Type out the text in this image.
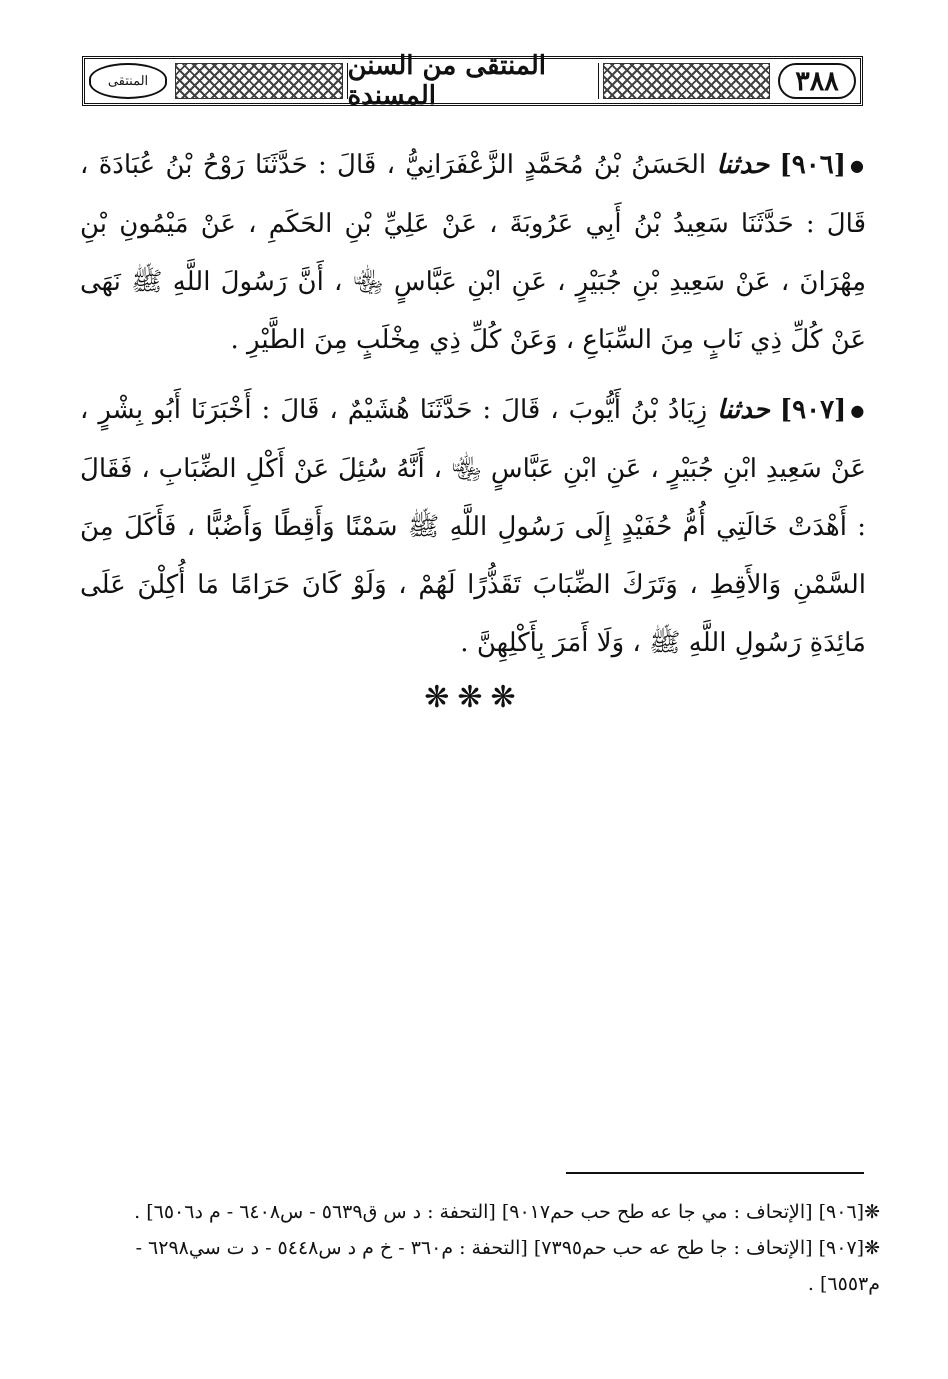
المنتقى	المنتقى من السنن المسندة	٣٨٨

●[٩٠٦] حدثنا الحَسَنُ بْنُ مُحَمَّدٍ الزَّعْفَرَانِيُّ ، قَالَ : حَدَّثَنَا رَوْحُ بْنُ عُبَادَةَ ، قَالَ : حَدَّثَنَا سَعِيدُ بْنُ أَبِي عَرُوبَةَ ، عَنْ عَلِيِّ بْنِ الحَكَمِ ، عَنْ مَيْمُونِ بْنِ مِهْرَانَ ، عَنْ سَعِيدِ بْنِ جُبَيْرٍ ، عَنِ ابْنِ عَبَّاسٍ ﵄ ، أَنَّ رَسُولَ اللَّهِ ﷺ نَهَى عَنْ كُلِّ ذِي نَابٍ مِنَ السِّبَاعِ ، وَعَنْ كُلِّ ذِي مِخْلَبٍ مِنَ الطَّيْرِ .

●[٩٠٧] حدثنا زِيَادُ بْنُ أَيُّوبَ ، قَالَ : حَدَّثَنَا هُشَيْمٌ ، قَالَ : أَخْبَرَنَا أَبُو بِشْرٍ ، عَنْ سَعِيدِ ابْنِ جُبَيْرٍ ، عَنِ ابْنِ عَبَّاسٍ ﵄ ، أَنَّهُ سُئِلَ عَنْ أَكْلِ الضِّبَابِ ، فَقَالَ : أَهْدَتْ خَالَتِي أُمُّ حُفَيْدٍ إِلَى رَسُولِ اللَّهِ ﷺ سَمْنًا وَأَقِطًا وَأَضُبًّا ، فَأَكَلَ مِنَ السَّمْنِ وَالأَقِطِ ، وَتَرَكَ الضِّبَابَ تَقَذُّرًا لَهُمْ ، وَلَوْ كَانَ حَرَامًا مَا أُكِلْنَ عَلَى مَائِدَةِ رَسُولِ اللَّهِ ﷺ ، وَلَا أَمَرَ بِأَكْلِهِنَّ .

❋❋❋

❋[٩٠٦] [الإتحاف : مي جا عه طح حب حم٩٠١٧] [التحفة : د س ق٥٦٣٩ - س٦٤٠٨ - م د٦٥٠٦] .

❋[٩٠٧] [الإتحاف : جا طح عه حب حم٧٣٩٥] [التحفة : م٣٦٠ - خ م د س٥٤٤٨ - د ت سي٦٢٩٨ - م٦٥٥٣] .
